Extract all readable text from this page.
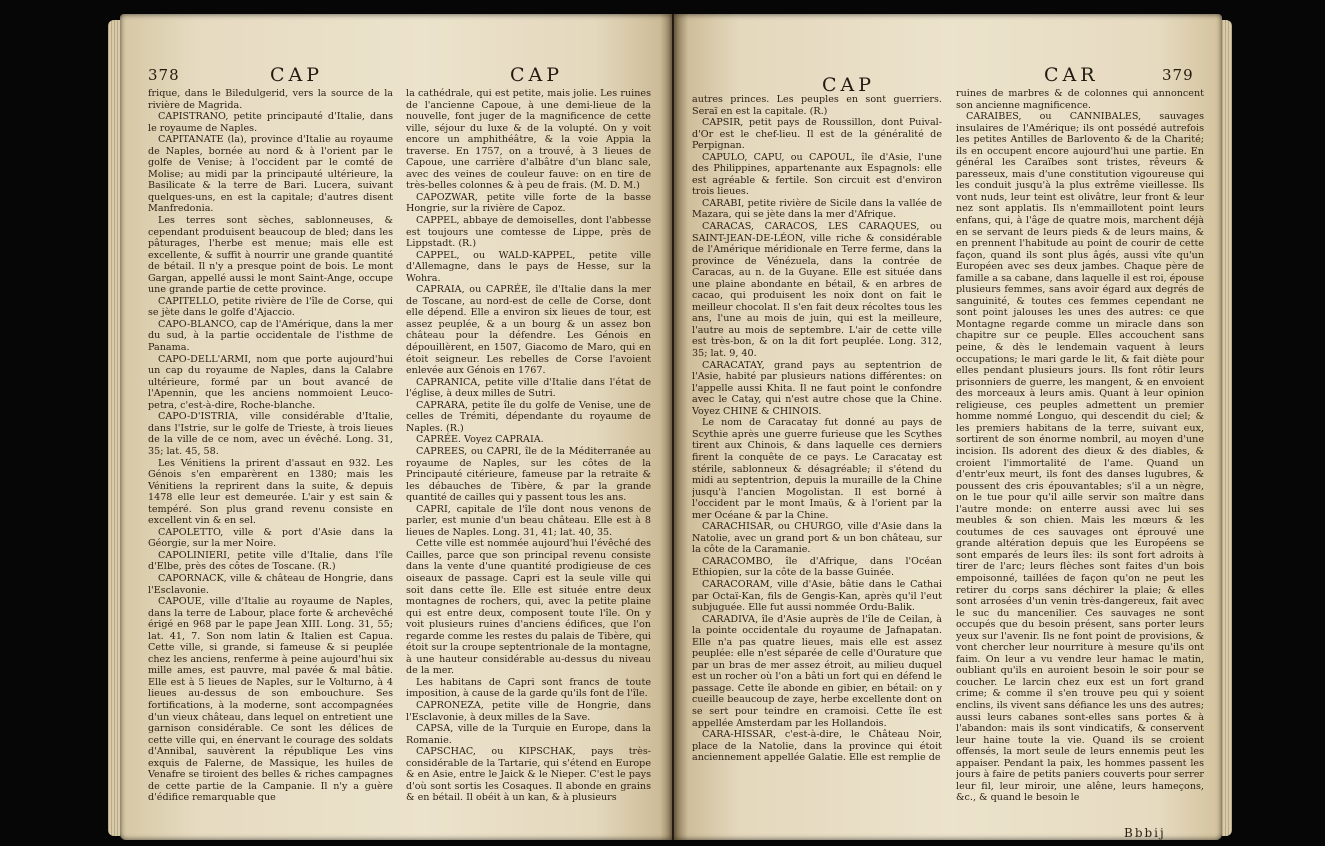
378	CAP	CAP

frique, dans le Biledulgerid, vers la source de la rivière de Magrida.

CAPISTRANO, petite principauté d'Italie, dans le royaume de Naples.

CAPITANATE (la), province d'Italie au royaume de Naples, bornée au nord & à l'orient par le golfe de Venise; à l'occident par le comté de Molise; au midi par la principauté ultérieure, la Basilicate & la terre de Bari. Lucera, suivant quelques-uns, en est la capitale; d'autres disent Manfredonia.

Les terres sont sèches, sablonneuses, & cependant produisent beaucoup de bled; dans les pâturages, l'herbe est menue; mais elle est excellente, & suffit à nourrir une grande quantité de bétail. Il n'y a presque point de bois. Le mont Gargan, appellé aussi le mont Saint-Ange, occupe une grande partie de cette province.

CAPITELLO, petite rivière de l'île de Corse, qui se jète dans le golfe d'Ajaccio.

CAPO-BLANCO, cap de l'Amérique, dans la mer du sud, à la partie occidentale de l'isthme de Panama.

CAPO-DELL'ARMI, nom que porte aujourd'hui un cap du royaume de Naples, dans la Calabre ultérieure, formé par un bout avancé de l'Apennin, que les anciens nommoient Leuco-petra, c'est-à-dire, Roche-blanche.

CAPO-D'ISTRIA, ville considérable d'Italie, dans l'Istrie, sur le golfe de Trieste, à trois lieues de la ville de ce nom, avec un évêché. Long. 31, 35; lat. 45, 58.

Les Vénitiens la prirent d'assaut en 932. Les Génois s'en emparèrent en 1380; mais les Vénitiens la reprirent dans la suite, & depuis 1478 elle leur est demeurée. L'air y est sain & tempéré. Son plus grand revenu consiste en excellent vin & en sel.

CAPOLETTO, ville & port d'Asie dans la Géorgie, sur la mer Noire.

CAPOLINIERI, petite ville d'Italie, dans l'île d'Elbe, près des côtes de Toscane. (R.)

CAPORNACK, ville & château de Hongrie, dans l'Esclavonie.

CAPOUE, ville d'Italie au royaume de Naples, dans la terre de Labour, place forte & archevêché érigé en 968 par le pape Jean XIII. Long. 31, 55; lat. 41, 7. Son nom latin & Italien est Capua. Cette ville, si grande, si fameuse & si peuplée chez les anciens, renferme à peine aujourd'hui six mille ames, est pauvre, mal pavée & mal bâtie. Elle est à 5 lieues de Naples, sur le Volturno, à 4 lieues au-dessus de son embouchure. Ses fortifications, à la moderne, sont accompagnées d'un vieux château, dans lequel on entretient une garnison considérable. Ce sont les délices de cette ville qui, en énervant le courage des soldats d'Annibal, sauvèrent la république Les vins exquis de Falerne, de Massique, les huiles de Venafre se tiroient des belles & riches campagnes de cette partie de la Campanie. Il n'y a guère d'édifice remarquable que

la cathédrale, qui est petite, mais jolie. Les ruines de l'ancienne Capoue, à une demi-lieue de la nouvelle, font juger de la magnificence de cette ville, séjour du luxe & de la volupté. On y voit encore un amphithéâtre, & la voie Appia la traverse. En 1757, on a trouvé, à 3 lieues de Capoue, une carrière d'albâtre d'un blanc sale, avec des veines de couleur fauve: on en tire de très-belles colonnes & à peu de frais. (M. D. M.)

CAPOZWAR, petite ville forte de la basse Hongrie, sur la rivière de Capoz.

CAPPEL, abbaye de demoiselles, dont l'abbesse est toujours une comtesse de Lippe, près de Lippstadt. (R.)

CAPPEL, ou WALD-KAPPEL, petite ville d'Allemagne, dans le pays de Hesse, sur la Wohra.

CAPRAIA, ou CAPRÉE, île d'Italie dans la mer de Toscane, au nord-est de celle de Corse, dont elle dépend. Elle a environ six lieues de tour, est assez peuplée, & a un bourg & un assez bon château pour la défendre. Les Génois en dépouillèrent, en 1507, Giacomo de Maro, qui en étoit seigneur. Les rebelles de Corse l'avoient enlevée aux Génois en 1767.

CAPRANICA, petite ville d'Italie dans l'état de l'église, à deux milles de Sutri.

CAPRARA, petite île du golfe de Venise, une de celles de Trémiti, dépendante du royaume de Naples. (R.)

CAPRÉE. Voyez CAPRAIA.

CAPREES, ou CAPRI, île de la Méditerranée au royaume de Naples, sur les côtes de la Principauté citérieure, fameuse par la retraite & les débauches de Tibère, & par la grande quantité de cailles qui y passent tous les ans.

CAPRI, capitale de l'île dont nous venons de parler, est munie d'un beau château. Elle est à 8 lieues de Naples. Long. 31, 41; lat. 40, 35.

Cette ville est nommée aujourd'hui l'évêché des Cailles, parce que son principal revenu consiste dans la vente d'une quantité prodigieuse de ces oiseaux de passage. Capri est la seule ville qui soit dans cette île. Elle est située entre deux montagnes de rochers, qui, avec la petite plaine qui est entre deux, composent toute l'île. On y voit plusieurs ruines d'anciens édifices, que l'on regarde comme les restes du palais de Tibère, qui étoit sur la croupe septentrionale de la montagne, à une hauteur considérable au-dessus du niveau de la mer.

Les habitans de Capri sont francs de toute imposition, à cause de la garde qu'ils font de l'île.

CAPRONEZA, petite ville de Hongrie, dans l'Esclavonie, à deux milles de la Save.

CAPSA, ville de la Turquie en Europe, dans la Romanie.

CAPSCHAC, ou KIPSCHAK, pays très-considérable de la Tartarie, qui s'étend en Europe & en Asie, entre le Jaick & le Nieper. C'est le pays d'où sont sortis les Cosaques. Il abonde en grains & en bétail. Il obéit à un kan, & à plusieurs

CAP	CAR	379

autres princes. Les peuples en sont guerriers. Seraï en est la capitale. (R.)

CAPSIR, petit pays de Roussillon, dont Puival-d'Or est le chef-lieu. Il est de la généralité de Perpignan.

CAPULO, CAPU, ou CAPOUL, île d'Asie, l'une des Philippines, appartenante aux Espagnols: elle est agréable & fertile. Son circuit est d'environ trois lieues.

CARABI, petite rivière de Sicile dans la vallée de Mazara, qui se jète dans la mer d'Afrique.

CARACAS, CARACOS, LES CARAQUES, ou SAINT-JEAN-DE-LÉON, ville riche & considérable de l'Amérique méridionale en Terre ferme, dans la province de Vénézuela, dans la contrée de Caracas, au n. de la Guyane. Elle est située dans une plaine abondante en bétail, & en arbres de cacao, qui produisent les noix dont on fait le meilleur chocolat. Il s'en fait deux récoltes tous les ans, l'une au mois de juin, qui est la meilleure, l'autre au mois de septembre. L'air de cette ville est très-bon, & on la dit fort peuplée. Long. 312, 35; lat. 9, 40.

CARACATAY, grand pays au septentrion de l'Asie, habité par plusieurs nations différentes: on l'appelle aussi Khita. Il ne faut point le confondre avec le Catay, qui n'est autre chose que la Chine. Voyez CHINE & CHINOIS.

Le nom de Caracatay fut donné au pays de Scythie après une guerre furieuse que les Scythes tirent aux Chinois, & dans laquelle ces derniers firent la conquête de ce pays. Le Caracatay est stérile, sablonneux & désagréable; il s'étend du midi au septentrion, depuis la muraille de la Chine jusqu'à l'ancien Mogolistan. Il est borné à l'occident par le mont Imaüs, & à l'orient par la mer Océane & par la Chine.

CARACHISAR, ou CHURGO, ville d'Asie dans la Natolie, avec un grand port & un bon château, sur la côte de la Caramanie.

CARACOMBO, île d'Afrique, dans l'Océan Ethiopien, sur la côte de la basse Guinée.

CARACORAM, ville d'Asie, bâtie dans le Cathai par Octaï-Kan, fils de Gengis-Kan, après qu'il l'eut subjuguée. Elle fut aussi nommée Ordu-Balik.

CARADIVA, île d'Asie auprès de l'île de Ceilan, à la pointe occidentale du royaume de Jafnapatan. Elle n'a pas quatre lieues, mais elle est assez peuplée: elle n'est séparée de celle d'Ourature que par un bras de mer assez étroit, au milieu duquel est un rocher où l'on a bâti un fort qui en défend le passage. Cette île abonde en gibier, en bétail: on y cueille beaucoup de zaye, herbe excellente dont on se sert pour teindre en cramoisi. Cette île est appellée Amsterdam par les Hollandois.

CARA-HISSAR, c'est-à-dire, le Château Noir, place de la Natolie, dans la province qui étoit anciennement appellée Galatie. Elle est remplie de

ruines de marbres & de colonnes qui annoncent son ancienne magnificence.

CARAIBES, ou CANNIBALES, sauvages insulaires de l'Amérique; ils ont possédé autrefois les petites Antilles de Barlovento & de la Charité; ils en occupent encore aujourd'hui une partie. En général les Caraïbes sont tristes, rêveurs & paresseux, mais d'une constitution vigoureuse qui les conduit jusqu'à la plus extrême vieillesse. Ils vont nuds, leur teint est olivâtre, leur front & leur nez sont applatis. Ils n'emmaillotent point leurs enfans, qui, à l'âge de quatre mois, marchent déjà en se servant de leurs pieds & de leurs mains, & en prennent l'habitude au point de courir de cette façon, quand ils sont plus âgés, aussi vîte qu'un Européen avec ses deux jambes. Chaque père de famille a sa cabane, dans laquelle il est roi, épouse plusieurs femmes, sans avoir égard aux degrés de sanguinité, & toutes ces femmes cependant ne sont point jalouses les unes des autres: ce que Montagne regarde comme un miracle dans son chapitre sur ce peuple. Elles accouchent sans peine, & dès le lendemain vaquent à leurs occupations; le mari garde le lit, & fait diète pour elles pendant plusieurs jours. Ils font rôtir leurs prisonniers de guerre, les mangent, & en envoient des morceaux à leurs amis. Quant à leur opinion religieuse, ces peuples admettent un premier homme nommé Longuo, qui descendit du ciel; & les premiers habitans de la terre, suivant eux, sortirent de son énorme nombril, au moyen d'une incision. Ils adorent des dieux & des diables, & croient l'immortalité de l'ame. Quand un d'entr'eux meurt, ils font des danses lugubres, & poussent des cris épouvantables; s'il a un nègre, on le tue pour qu'il aille servir son maître dans l'autre monde: on enterre aussi avec lui ses meubles & son chien. Mais les mœurs & les coutumes de ces sauvages ont éprouvé une grande altération depuis que les Européens se sont emparés de leurs îles: ils sont fort adroits à tirer de l'arc; leurs flèches sont faites d'un bois empoisonné, taillées de façon qu'on ne peut les retirer du corps sans déchirer la plaie; & elles sont arrosées d'un venin très-dangereux, fait avec le suc du mancenilier. Ces sauvages ne sont occupés que du besoin présent, sans porter leurs yeux sur l'avenir. Ils ne font point de provisions, & vont chercher leur nourriture à mesure qu'ils ont faim. On leur a vu vendre leur hamac le matin, oubliant qu'ils en auroient besoin le soir pour se coucher. Le larcin chez eux est un fort grand crime; & comme il s'en trouve peu qui y soient enclins, ils vivent sans défiance les uns des autres; aussi leurs cabanes sont-elles sans portes & à l'abandon: mais ils sont vindicatifs, & conservent leur haine toute la vie. Quand ils se croient offensés, la mort seule de leurs ennemis peut les appaiser. Pendant la paix, les hommes passent les jours à faire de petits paniers couverts pour serrer leur fil, leur miroir, une alêne, leurs hameçons, &c., & quand le besoin le

Bbbij
